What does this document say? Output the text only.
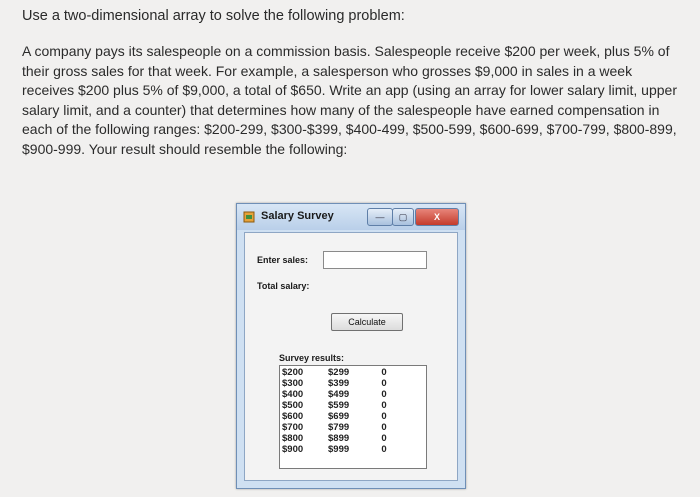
Use a two-dimensional array to solve the following problem:

A company pays its salespeople on a commission basis. Salespeople receive $200 per week, plus 5% of their gross sales for that week. For example, a salesperson who grosses $9,000 in sales in a week receives $200 plus 5% of $9,000, a total of $650. Write an app (using an array for lower salary limit, upper salary limit, and a counter) that determines how many of the salespeople have earned compensation in each of the following ranges: $200-299, $300-$399, $400-499, $500-599, $600-699, $700-799, $800-899, $900-999. Your result should resemble the following:

Salary Survey	—	▢	X
Enter sales:
Total salary:
Calculate
Survey results:
$200	$299	0
$300	$399	0
$400	$499	0
$500	$599	0
$600	$699	0
$700	$799	0
$800	$899	0
$900	$999	0
